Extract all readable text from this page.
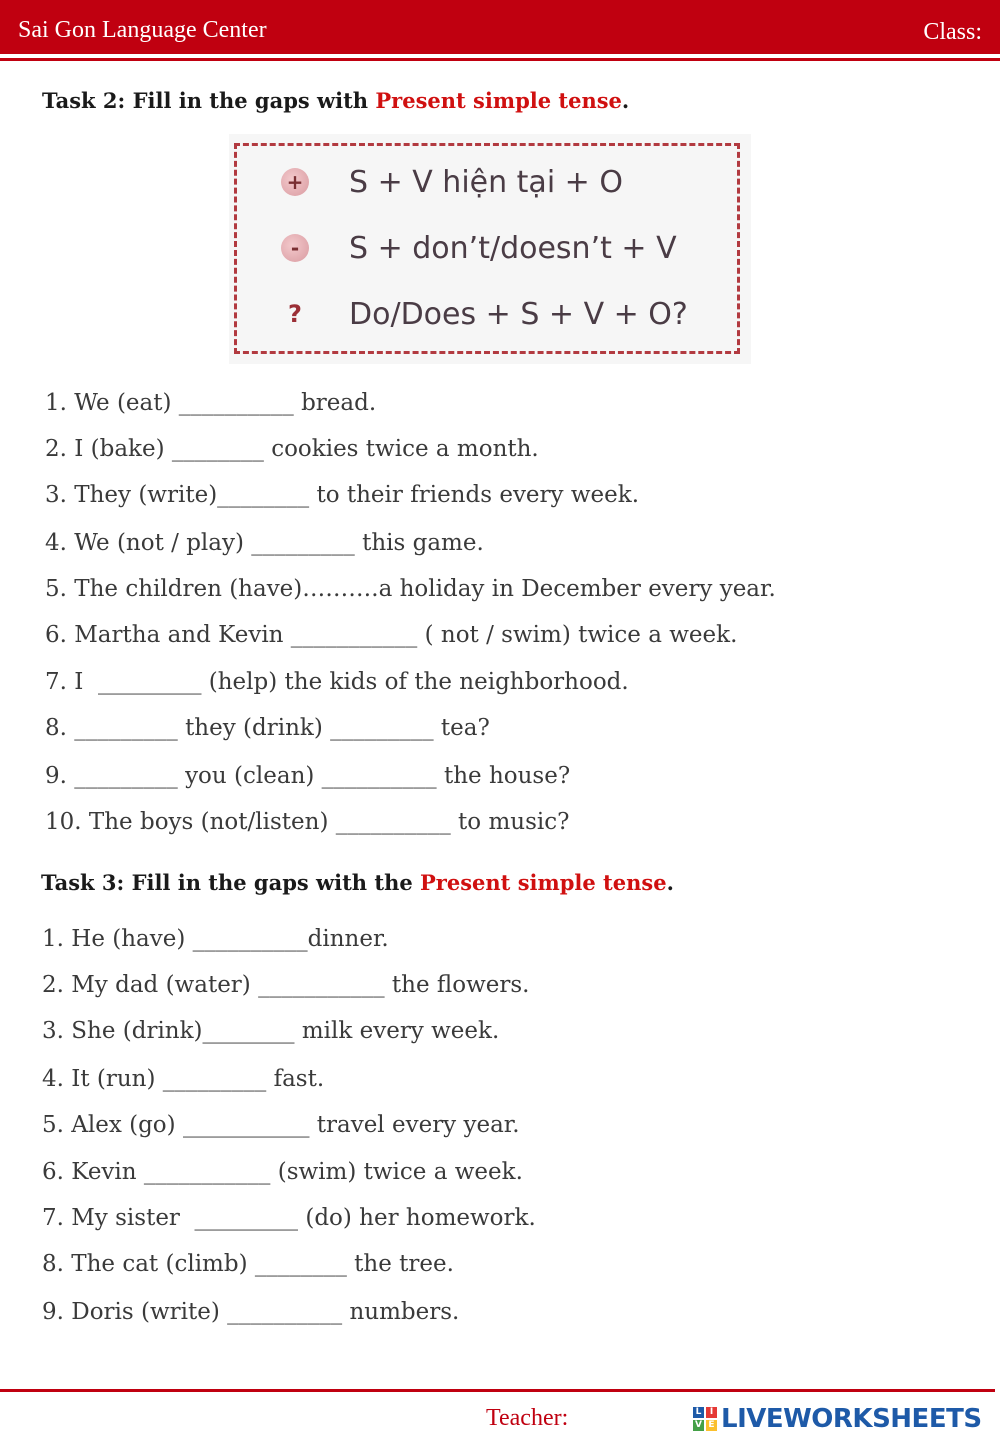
Sai Gon Language Center	Class:
Task 2: Fill in the gaps with Present simple tense.
+ S + V hiện tại + O
-	S + don’t/doesn’t + V
? Do/Does + S + V + O?
1. We (eat) __________ bread.
2. I (bake) ________ cookies twice a month.
3. They (write)________ to their friends every week.
4. We (not / play) _________ this game.
5. The children (have)……….a holiday in December every year.
6. Martha and Kevin ___________ ( not / swim) twice a week.
7. I  _________ (help) the kids of the neighborhood.
8. _________ they (drink) _________ tea?
9. _________ you (clean) __________ the house?
10. The boys (not/listen) __________ to music?
Task 3: Fill in the gaps with the Present simple tense.
1. He (have) __________dinner.
2. My dad (water) ___________ the flowers.
3. She (drink)________ milk every week.
4. It (run) _________ fast.
5. Alex (go) ___________ travel every year.
6. Kevin ___________ (swim) twice a week.
7. My sister  _________ (do) her homework.
8. The cat (climb) ________ the tree.
9. Doris (write) __________ numbers.
Teacher:	L I
V E LIVEWORKSHEETS
